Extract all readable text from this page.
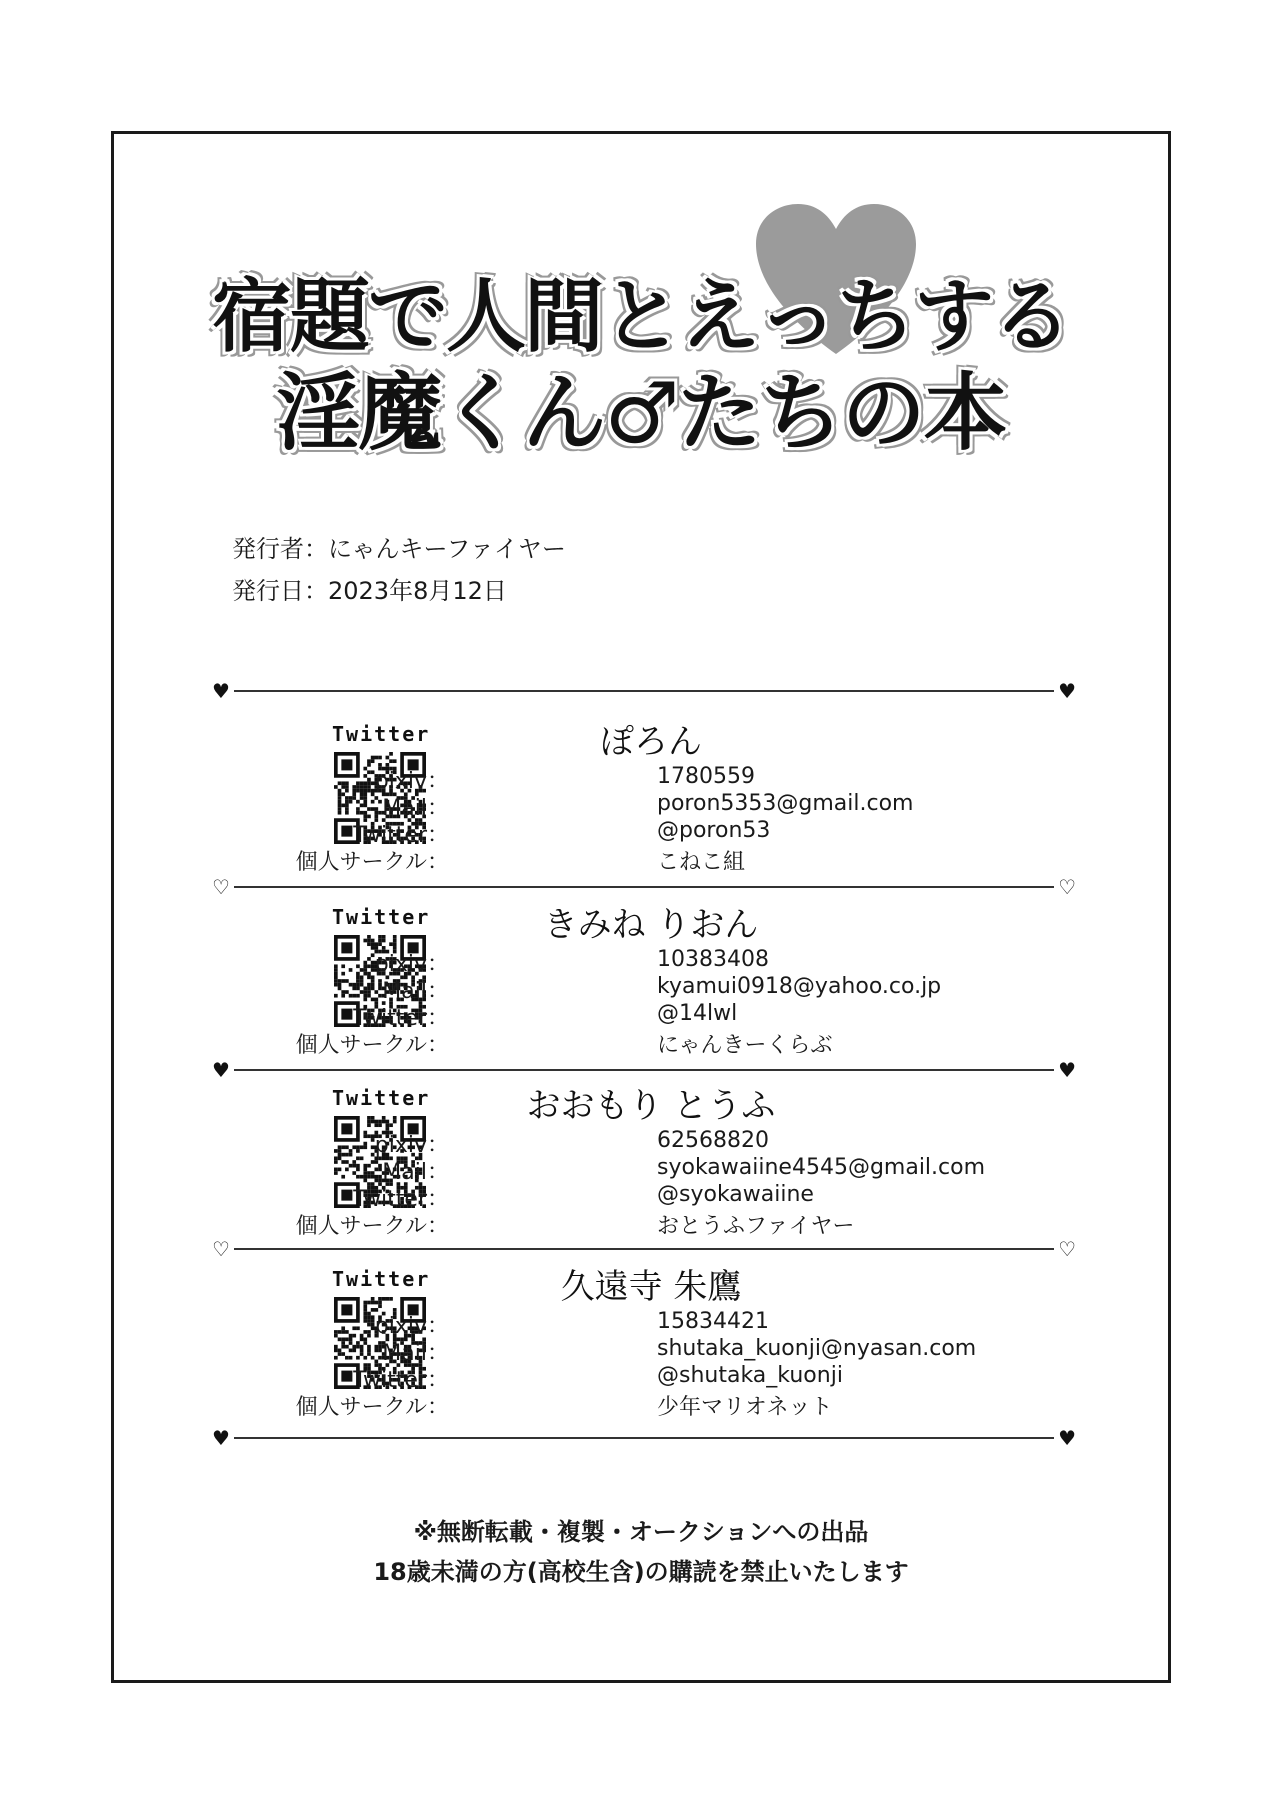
宿題で人間とえっちする
淫魔くん♂たちの本
発行者：にゃんキーファイヤー
発行日：2023年8月12日
♥	♥
♡	♡
♥	♥
♡	♡
♥	♥
Twitter	ぽろん
pixiv：	1780559
Mail：	poron5353@gmail.com
Twitter：	@poron53
個人サークル：	こねこ組
Twitter	きみね りおん
pixiv：	10383408
Mail：	kyamui0918@yahoo.co.jp
Twitter：	@14lwl
個人サークル：	にゃんきーくらぶ
Twitter	おおもり とうふ
pixiv：	62568820
Mail：	syokawaiine4545@gmail.com
Twitter：	@syokawaiine
個人サークル：	おとうふファイヤー
Twitter	久遠寺 朱鷹
pixiv：	15834421
Mail：	shutaka_kuonji@nyasan.com
Twitter：	@shutaka_kuonji
個人サークル：	少年マリオネット
※無断転載・複製・オークションへの出品
18歳未満の方(高校生含)の購読を禁止いたします
